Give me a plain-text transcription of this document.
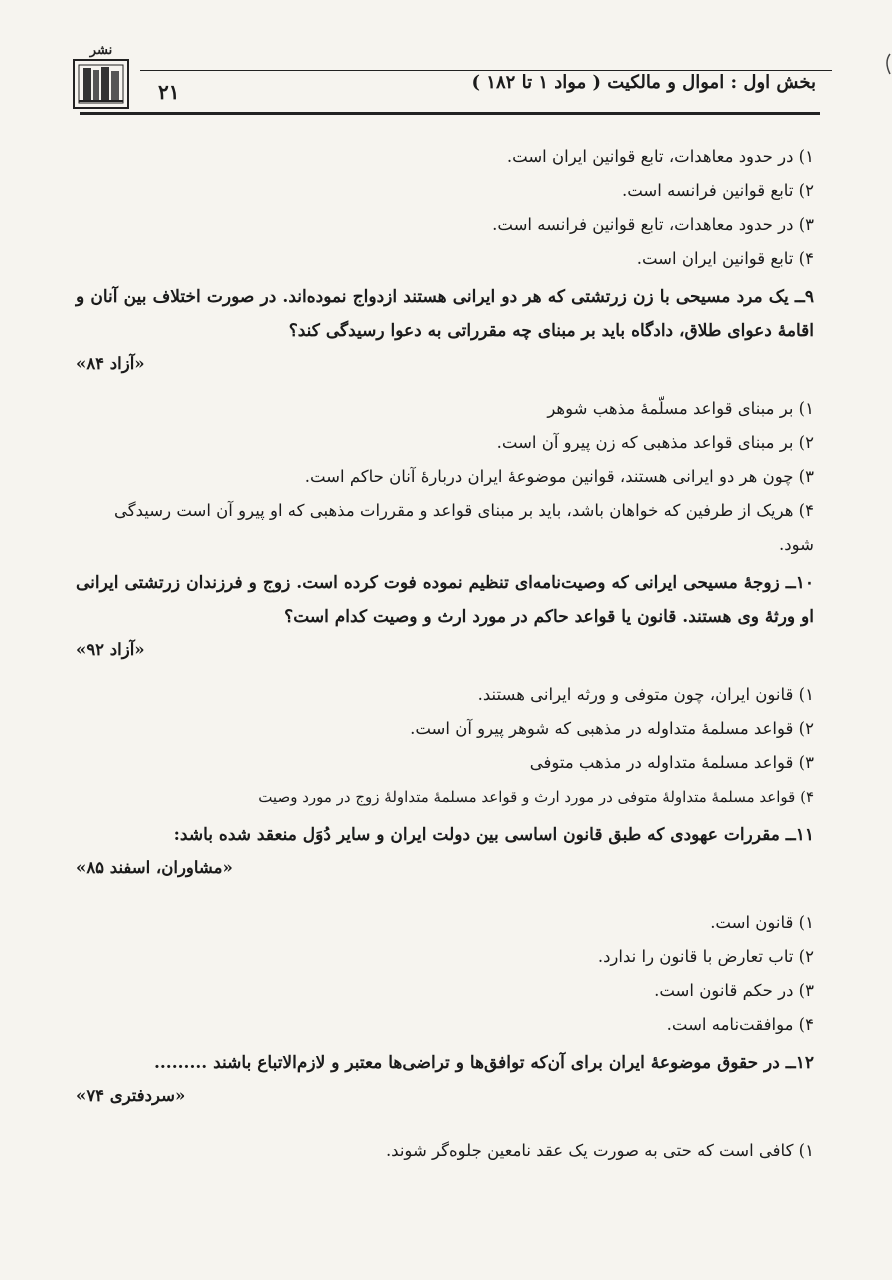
نشر
۲۱	بخش اول : اموال و مالکیت ( مواد ۱ تا ۱۸۲ )
۱) در حدود معاهدات، تابع قوانین ایران است.
۲) تابع قوانین فرانسه است.
۳) در حدود معاهدات، تابع قوانین فرانسه است.
۴) تابع قوانین ایران است.
۹ــ یک مرد مسیحی با زن زرتشتی که هر دو ایرانی هستند ازدواج نموده‌اند. در صورت اختلاف بین آنان و اقامهٔ دعوای طلاق، دادگاه باید بر مبنای چه مقرراتی به دعوا رسیدگی کند؟
«آزاد ۸۴»
۱) بر مبنای قواعد مسلّمهٔ مذهب شوهر
۲) بر مبنای قواعد مذهبی که زن پیرو آن است.
۳) چون هر دو ایرانی هستند، قوانین موضوعهٔ ایران دربارهٔ آنان حاکم است.
۴) هریک از طرفین که خواهان باشد، باید بر مبنای قواعد و مقررات مذهبی که او پیرو آن است رسیدگی شود.
۱۰ــ زوجهٔ مسیحی ایرانی که وصیت‌نامه‌ای تنظیم نموده فوت کرده است. زوج و فرزندان زرتشتی ایرانی او ورثهٔ وی هستند. قانون یا قواعد حاکم در مورد ارث و وصیت کدام است؟
«آزاد ۹۲»
۱) قانون ایران، چون متوفی و ورثه ایرانی هستند.
۲) قواعد مسلمهٔ متداوله در مذهبی که شوهر پیرو آن است.
۳) قواعد مسلمهٔ متداوله در مذهب متوفی
۴) قواعد مسلمهٔ متداولهٔ متوفی در مورد ارث و قواعد مسلمهٔ متداولهٔ زوج در مورد وصیت
۱۱ــ مقررات عهودی که طبق قانون اساسی بین دولت ایران و سایر دُوَل منعقد شده باشد:
«مشاوران، اسفند ۸۵»
۱) قانون است.
۲) تاب تعارض با قانون را ندارد.
۳) در حکم قانون است.
۴) موافقت‌نامه است.
۱۲ــ در حقوق موضوعهٔ ایران برای آن‌که توافق‌ها و تراضی‌ها معتبر و لازم‌الاتباع باشند .........
«سردفتری ۷۴»
۱) کافی است که حتی به صورت یک عقد نامعین جلوه‌گر شوند.
